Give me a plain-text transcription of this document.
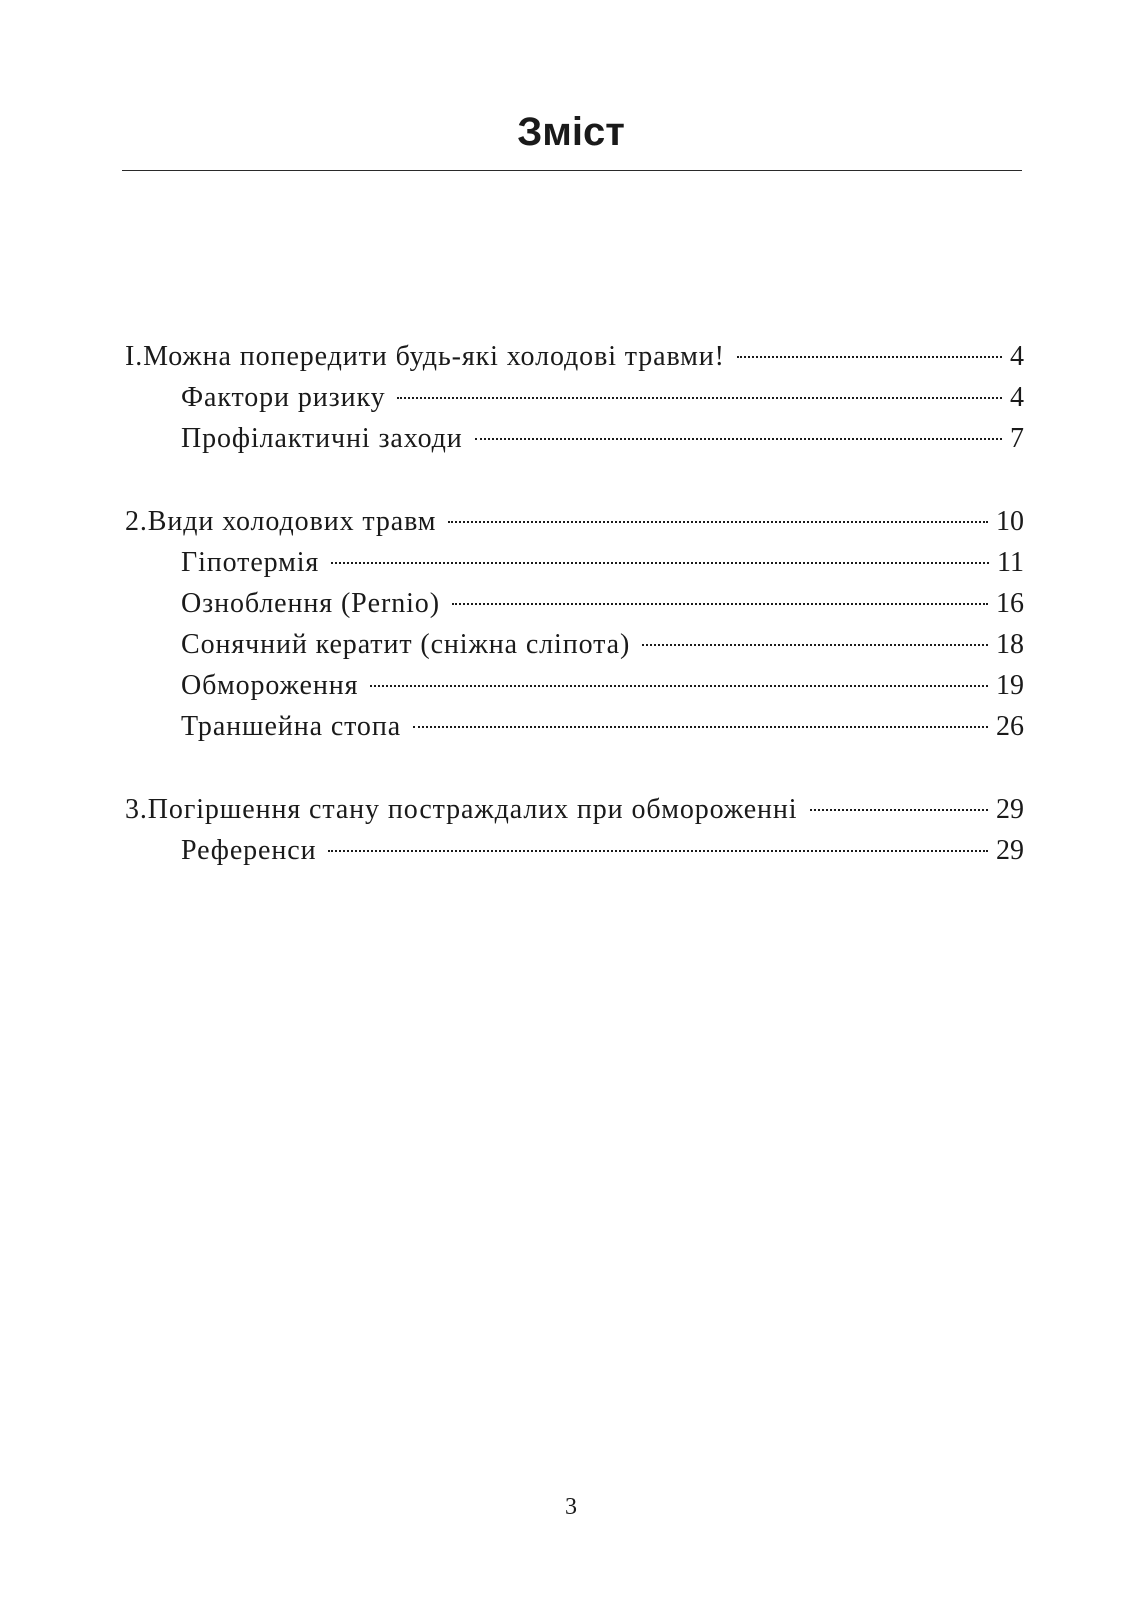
Зміст
I.Можна попередити будь-які холодові травми!	4
Фактори ризику	4
Профілактичні заходи	7
2.Види холодових травм	10
Гіпотермія	11
Ознобленн​я (Pernio)	16
Сонячний кератит (сніжна сліпота)	18
Обмороження	19
Траншейна стопа	26
3.Погіршення стану постраждалих при обмороженні	29
Референси	29
3
